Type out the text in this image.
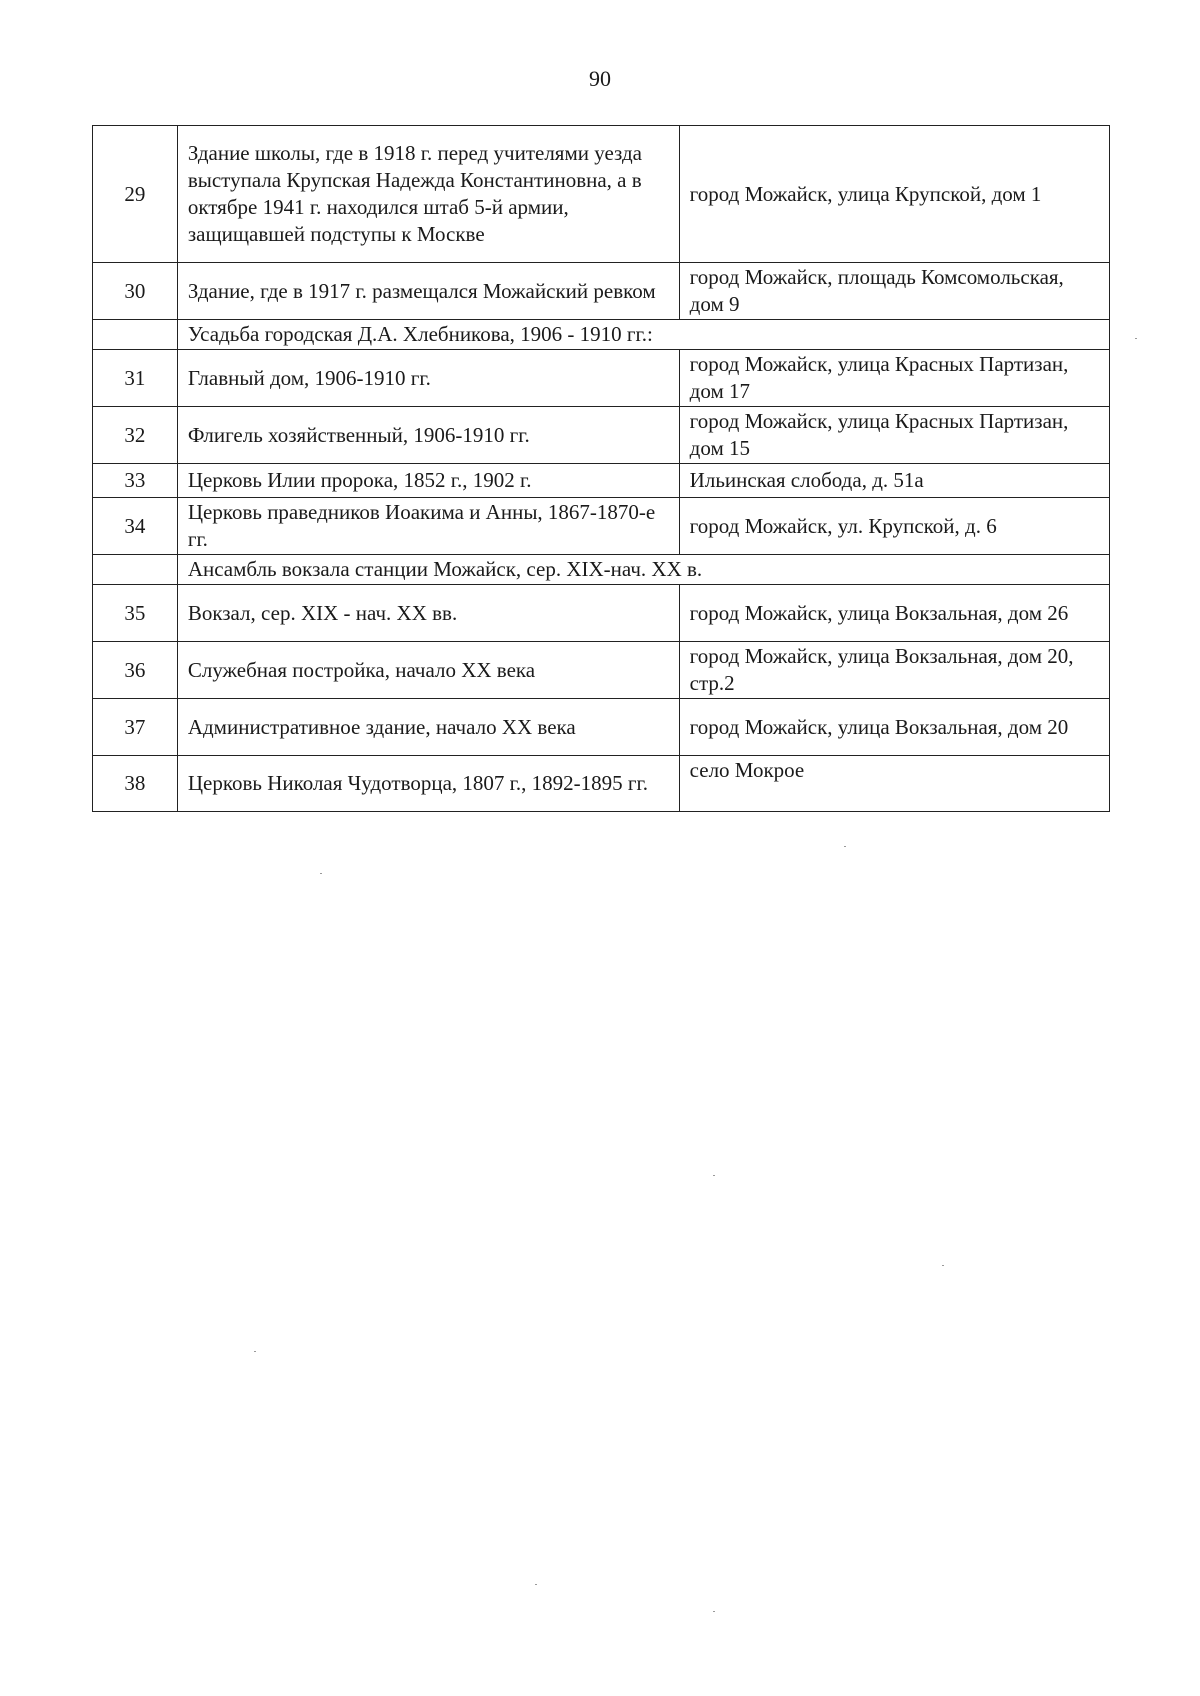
90
29	Здание школы, где в 1918 г. перед учителями уезда выступала Крупская Надежда Константиновна, а в октябре 1941 г. находился штаб 5-й армии, защищавшей подступы к Москве	город Можайск, улица Крупской, дом 1
30	Здание, где в 1917 г. размещался Можайский ревком	город Можайск, площадь Комсомольская, дом 9
	Усадьба городская Д.А. Хлебникова, 1906 - 1910 гг.:	
31	Главный дом, 1906-1910 гг.	город Можайск, улица Красных Партизан, дом 17
32	Флигель хозяйственный, 1906-1910 гг.	город Можайск, улица Красных Партизан, дом 15
33	Церковь Илии пророка, 1852 г., 1902 г.	Ильинская слобода, д. 51а
34	Церковь праведников Иоакима и Анны, 1867-1870-е гг.	город Можайск, ул. Крупской, д. 6
	Ансамбль вокзала станции Можайск, сер. XIX-нач. XX в.	
35	Вокзал, сер. XIX - нач. XX вв.	город Можайск, улица Вокзальная, дом 26
36	Служебная постройка, начало XX века	город Можайск, улица Вокзальная, дом 20, стр.2
37	Административное здание, начало XX века	город Можайск, улица Вокзальная, дом 20
38	Церковь Николая Чудотворца, 1807 г., 1892-1895 гг.	село Мокрое
